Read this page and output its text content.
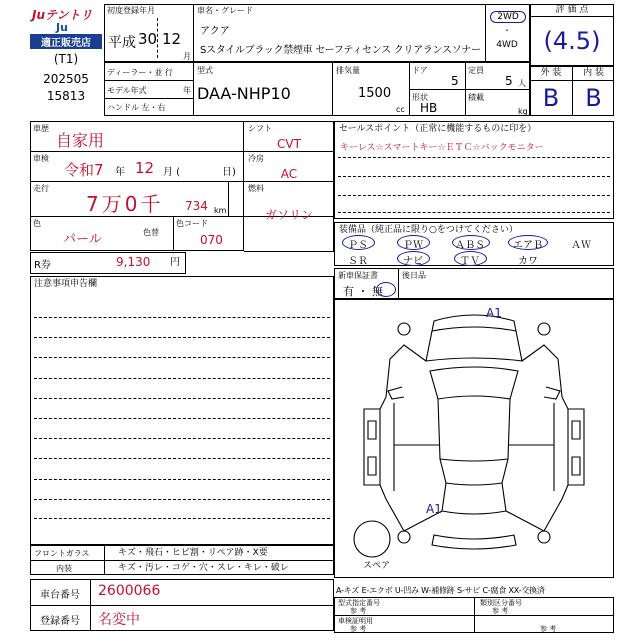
Juテントリ
Ju
適正販売店
初度登録年月
平成 30 12
月
車名・グレード
アクア
Sスタイルブラック禁煙車 セーフティセンス クリアランスソナー
2WD
・
4WD
評 価 点
(4.5)
外 装	内 装
B	B
(T1)
202505
15813
ディーラー・並 行
モデル年式	年
ハンドル 左・右
型式
DAA-NHP10
排気量
1500
cc
ドア
5
定員
5 人
形状
HB
積載
kg
車歴
自家用
車検
令和7 年 12 月 (	日)
走行
7万0千 734 km
色
パール	色替
色コード
070
シフト
CVT
冷房
AC
燃料
ガソリン
R券	9,130 円
セールスポイント（正常に機能するものに印を）
キーレス☆スマートキー☆ＥＴＣ☆バックモニター
装備品（純正品に限り○をつけてください）
ＰＳ	ＰＷ	ＡＢＳ	エアＢ	ＡＷ
ＳＲ	ナビ	ＴＶ	カワ
新車保証書
有 ・ 無
後日品
注意事項申告欄
A1
A1
スペア
フロントガラス	キズ・飛石・ヒビ割・リペア跡・X要
内装	キズ・汚レ・コゲ・穴・スレ・キレ・破レ
A-キズ E-エクボ U-凹み W-補修跡 S-サビ C-腐食 XX-交換済
車台番号	2600066
登録番号	名変中
型式指定番号
参 考
類別区分番号
参 考
車検証明用
参 考	参 考
